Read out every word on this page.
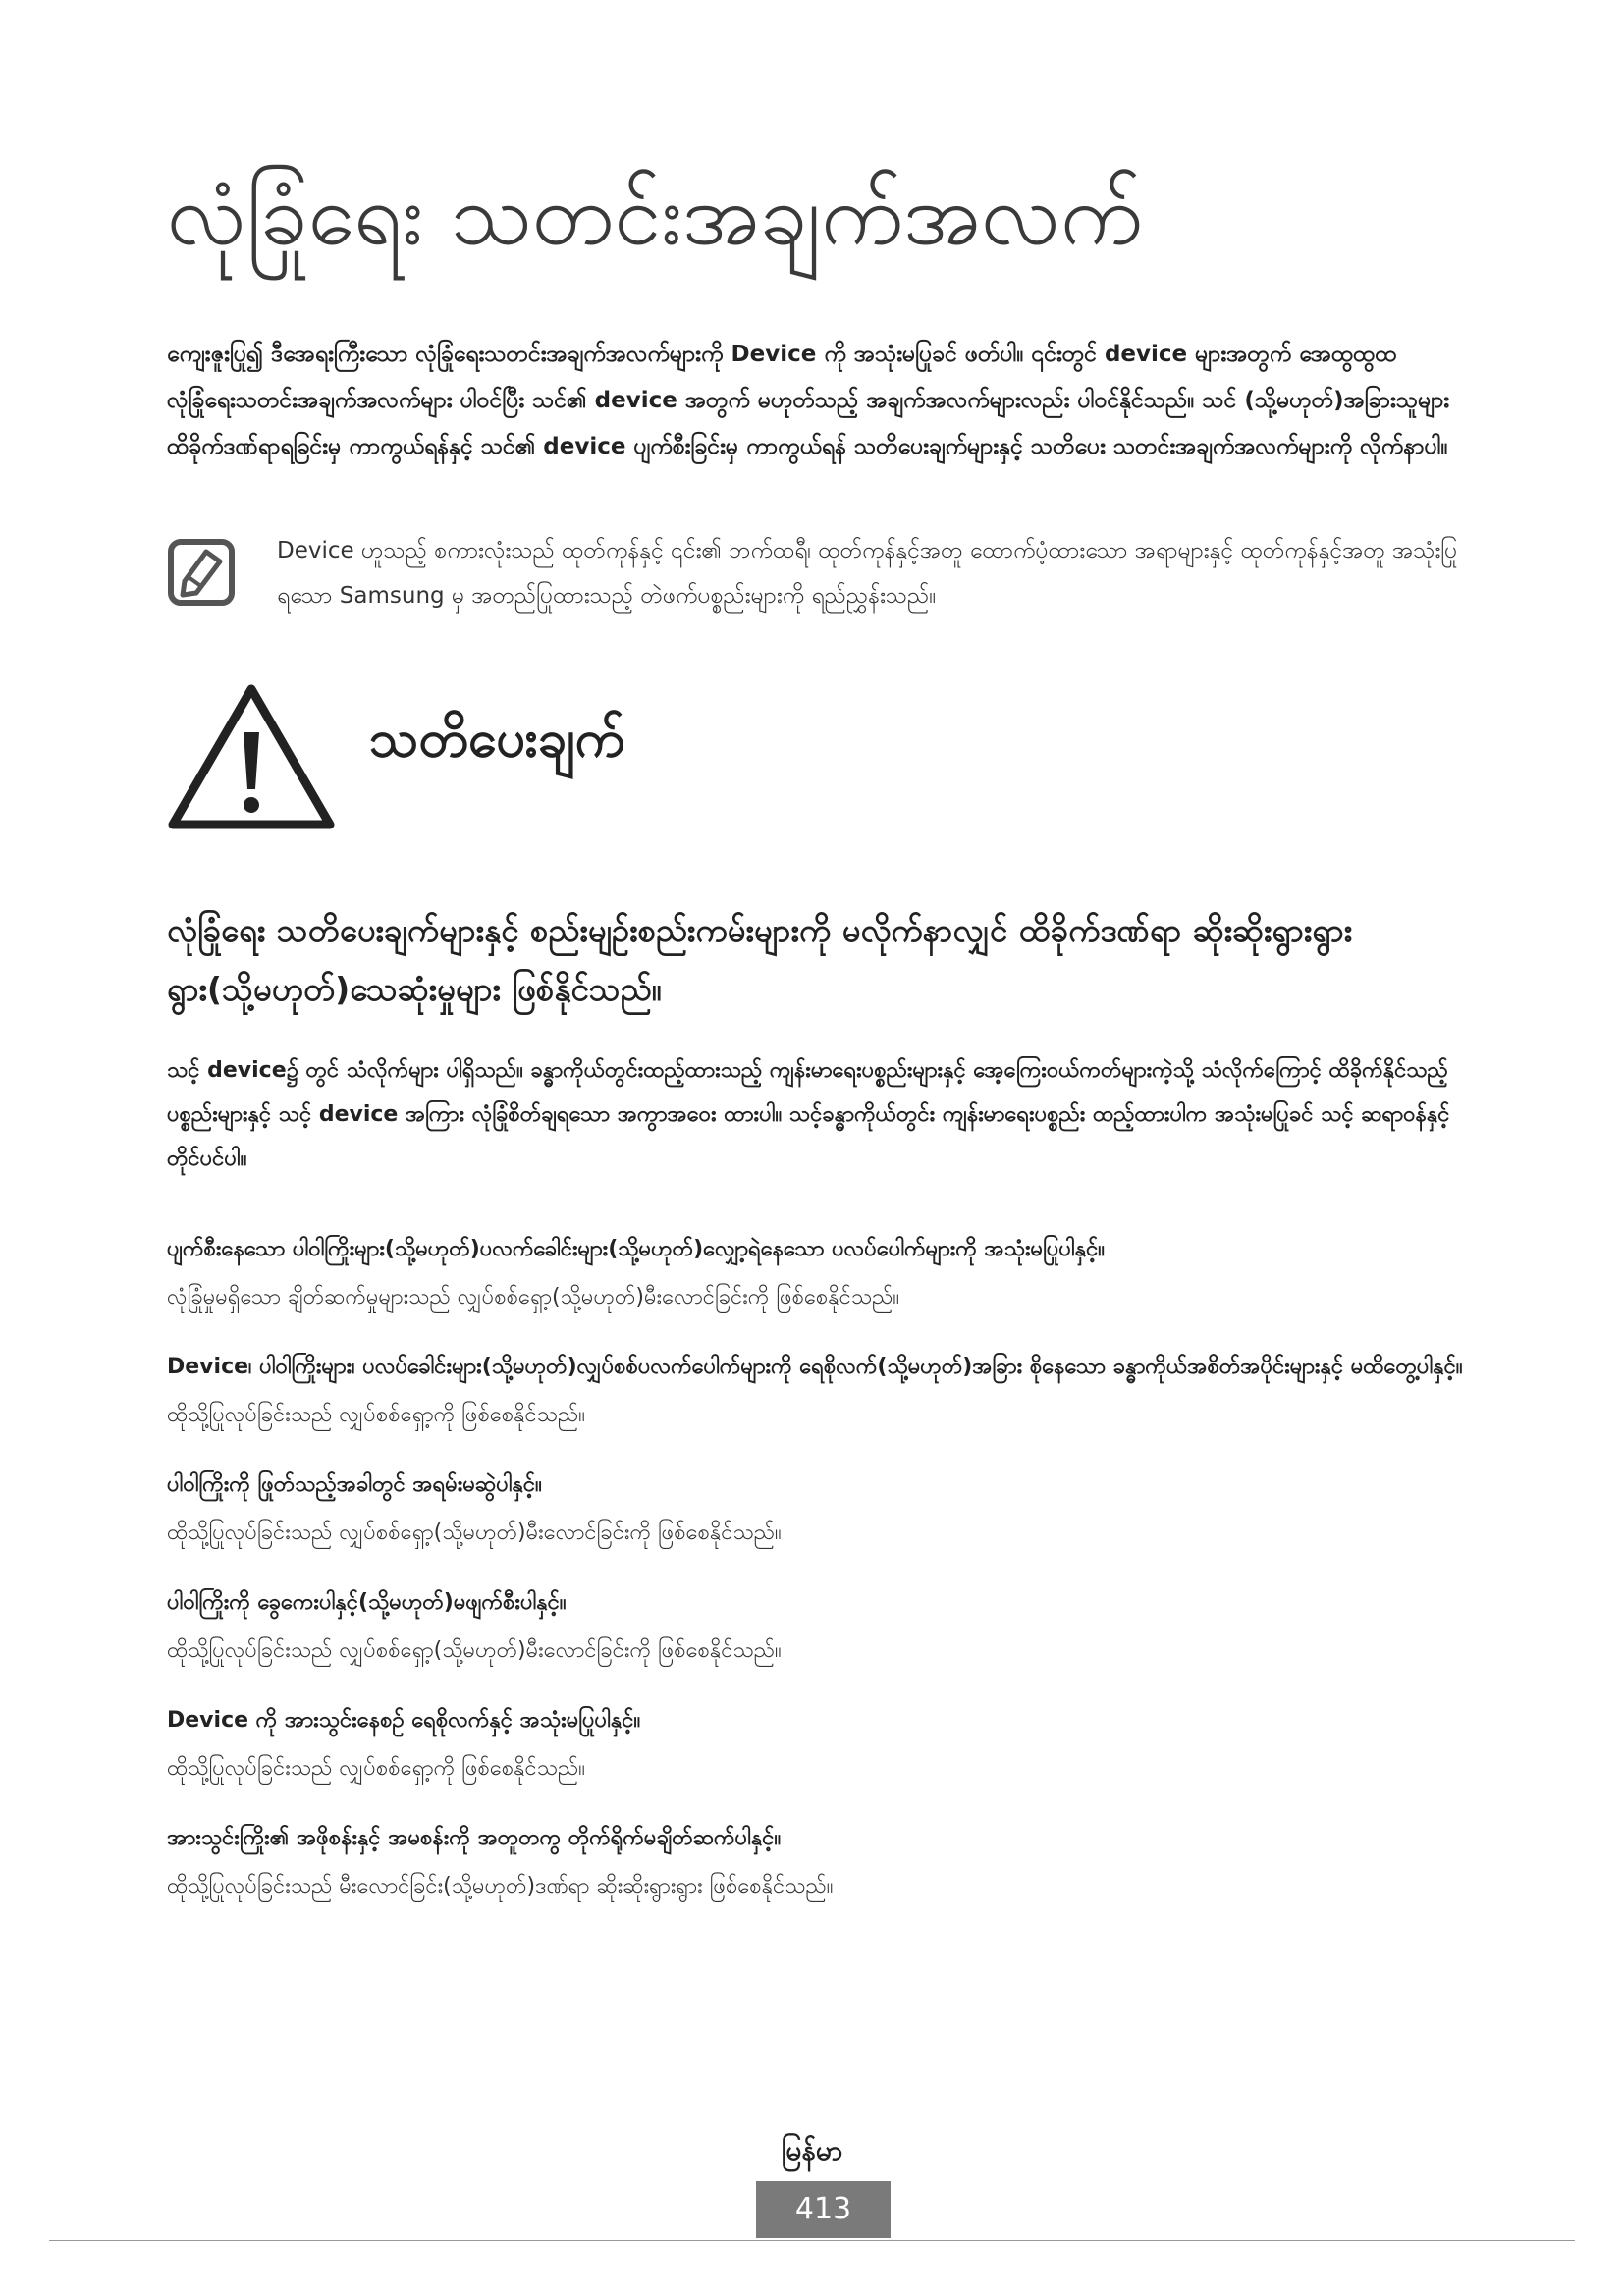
လုံခြုံရေး သတင်းအချက်အလက်

ကျေးဇူးပြု၍ ဒီအေရးကြီးသော လုံခြုံရေးသတင်းအချက်အလက်များကို Device ကို အသုံးမပြုခင် ဖတ်ပါ။ ၎င်းတွင် device များအတွက် အေထွထွထ လုံခြုံရေးသတင်းအချက်အလက်များ ပါဝင်ပြီး သင်၏ device အတွက် မဟုတ်သည့် အချက်အလက်များလည်း ပါဝင်နိုင်သည်။ သင် (သို့မဟုတ်)အခြားသူများ ထိခိုက်ဒဏ်ရာရခြင်းမှ ကာကွယ်ရန်နှင့် သင်၏ device ပျက်စီးခြင်းမှ ကာကွယ်ရန် သတိပေးချက်များနှင့် သတိပေး သတင်းအချက်အလက်များကို လိုက်နာပါ။

Device ဟူသည့် စကားလုံးသည် ထုတ်ကုန်နှင့် ၎င်း၏ ဘက်ထရီ၊ ထုတ်ကုန်နှင့်အတူ ထောက်ပံ့ထားသော အရာများနှင့် ထုတ်ကုန်နှင့်အတူ အသုံးပြုရသော Samsung မှ အတည်ပြုထားသည့် တဲဖက်ပစ္စည်းများကို ရည်ညွှန်းသည်။

သတိပေးချက်

လုံခြုံရေး သတိပေးချက်များနှင့် စည်းမျဥ်းစည်းကမ်းများကို မလိုက်နာလျှင် ထိခိုက်ဒဏ်ရာ ဆိုးဆိုးရွားရွားရွား(သို့မဟုတ်)သေဆုံးမှုများ ဖြစ်နိုင်သည်။

သင့် device၌ တွင် သံလိုက်များ ပါရှိသည်။ ခန္ဓာကိုယ်တွင်းထည့်ထားသည့် ကျန်းမာရေးပစ္စည်းများနှင့် အေ့ကြေးဝယ်ကတ်များကဲ့သို့ သံလိုက်ကြောင့် ထိခိုက်နိုင်သည့် ပစ္စည်းများနှင့် သင့် device အကြား လုံခြုံစိတ်ချရသော အကွာအဝေး ထားပါ။ သင့်ခန္ဓာကိုယ်တွင်း ကျန်းမာရေးပစ္စည်း ထည့်ထားပါက အသုံးမပြုခင် သင့် ဆရာဝန်နှင့် တိုင်ပင်ပါ။

ပျက်စီးနေသော ပါဝါကြိုးများ(သို့မဟုတ်)ပလက်ခေါင်းများ(သို့မဟုတ်)လျှော့ရဲနေသော ပလပ်ပေါက်များကို အသုံးမပြုပါနှင့်။

လုံခြုံမှုမရှိသော ချိတ်ဆက်မှုများသည် လျှပ်စစ်ရှော့(သို့မဟုတ်)မီးလောင်ခြင်းကို ဖြစ်စေနိုင်သည်။

Device၊ ပါဝါကြိုးများ၊ ပလပ်ခေါင်းများ(သို့မဟုတ်)လျှပ်စစ်ပလက်ပေါက်များကို ရေစိုလက်(သို့မဟုတ်)အခြား စိုနေသော ခန္ဓာကိုယ်အစိတ်အပိုင်းများနှင့် မထိတွေ့ပါနှင့်။

ထိုသို့ပြုလုပ်ခြင်းသည် လျှပ်စစ်ရှော့ကို ဖြစ်စေနိုင်သည်။

ပါဝါကြိုးကို ဖြုတ်သည့်အခါတွင် အရမ်းမဆွဲပါနှင့်။

ထိုသို့ပြုလုပ်ခြင်းသည် လျှပ်စစ်ရှော့(သို့မဟုတ်)မီးလောင်ခြင်းကို ဖြစ်စေနိုင်သည်။

ပါဝါကြိုးကို ခွေကေးပါနှင့်(သို့မဟုတ်)မဖျက်စီးပါနှင့်။

ထိုသို့ပြုလုပ်ခြင်းသည် လျှပ်စစ်ရှော့(သို့မဟုတ်)မီးလောင်ခြင်းကို ဖြစ်စေနိုင်သည်။

Device ကို အားသွင်းနေစဥ် ရေစိုလက်နှင့် အသုံးမပြုပါနှင့်။

ထိုသို့ပြုလုပ်ခြင်းသည် လျှပ်စစ်ရှော့ကို ဖြစ်စေနိုင်သည်။

အားသွင်းကြိုး၏ အဖိုစန်းနှင့် အမစန်းကို အတူတကွ တိုက်ရိုက်မချိတ်ဆက်ပါနှင့်။

ထိုသို့ပြုလုပ်ခြင်းသည် မီးလောင်ခြင်း(သို့မဟုတ်)ဒဏ်ရာ ဆိုးဆိုးရွားရွား ဖြစ်စေနိုင်သည်။

မြန်မာ
413
